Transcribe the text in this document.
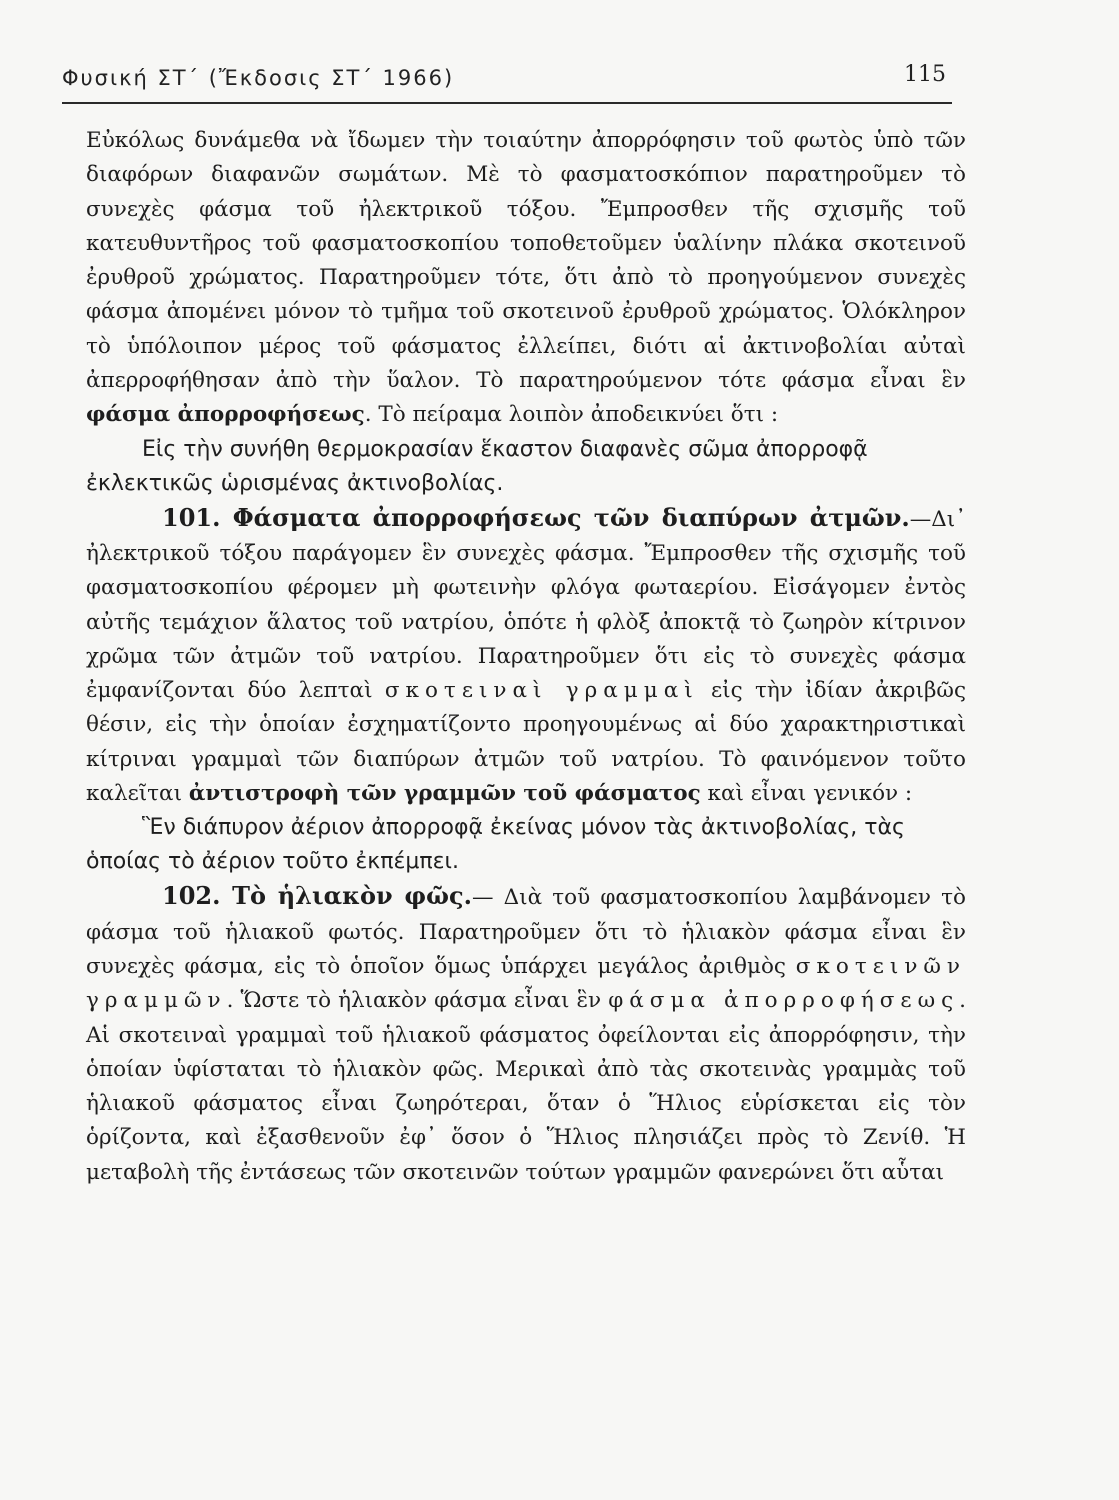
Φυσική ΣΤ΄ (Ἔκδοσις ΣΤ΄ 1966)	115

Εὐκόλως δυνάμεθα νὰ ἴδωμεν τὴν τοιαύτην ἀπορρόφησιν τοῦ φωτὸς ὑπὸ τῶν διαφόρων διαφανῶν σωμάτων. Μὲ τὸ φασματοσκόπιον παρατηροῦμεν τὸ συνεχὲς φάσμα τοῦ ἠλεκτρικοῦ τόξου. Ἔμπροσθεν τῆς σχισμῆς τοῦ κατευθυντῆρος τοῦ φασματοσκοπίου τοποθετοῦμεν ὑαλίνην πλάκα σκοτεινοῦ ἐρυθροῦ χρώματος. Παρατηροῦμεν τότε, ὅτι ἀπὸ τὸ προηγούμενον συνεχὲς φάσμα ἀπομένει μόνον τὸ τμῆμα τοῦ σκοτεινοῦ ἐρυθροῦ χρώματος. Ὁλόκληρον τὸ ὑπόλοιπον μέρος τοῦ φάσματος ἐλλείπει, διότι αἱ ἀκτινοβολίαι αὐταὶ ἀπερροφήθησαν ἀπὸ τὴν ὕαλον. Τὸ παρατηρούμενον τότε φάσμα εἶναι ἓν φάσμα ἀπορροφήσεως. Τὸ πείραμα λοιπὸν ἀποδεικνύει ὅτι :

Εἰς τὴν συνήθη θερμοκρασίαν ἕκαστον διαφανὲς σῶμα ἀπορροφᾷ ἐκλεκτικῶς ὡρισμένας ἀκτινοβολίας.

101. Φάσματα ἀπορροφήσεως τῶν διαπύρων ἀτμῶν.—Δι᾽ ἠλεκτρικοῦ τόξου παράγομεν ἓν συνεχὲς φάσμα. Ἔμπροσθεν τῆς σχισμῆς τοῦ φασματοσκοπίου φέρομεν μὴ φωτεινὴν φλόγα φωταερίου. Εἰσάγομεν ἐντὸς αὐτῆς τεμάχιον ἅλατος τοῦ νατρίου, ὁπότε ἡ φλὸξ ἀποκτᾷ τὸ ζωηρὸν κίτρινον χρῶμα τῶν ἀτμῶν τοῦ νατρίου. Παρατηροῦμεν ὅτι εἰς τὸ συνεχὲς φάσμα ἐμφανίζονται δύο λεπταὶ σκοτειναὶ γραμμαὶ εἰς τὴν ἰδίαν ἀκριβῶς θέσιν, εἰς τὴν ὁποίαν ἐσχηματίζοντο προηγουμένως αἱ δύο χαρακτηριστικαὶ κίτριναι γραμμαὶ τῶν διαπύρων ἀτμῶν τοῦ νατρίου. Τὸ φαινόμενον τοῦτο καλεῖται ἀντιστροφὴ τῶν γραμμῶν τοῦ φάσματος καὶ εἶναι γενικόν :

Ἓν διάπυρον ἀέριον ἀπορροφᾷ ἐκείνας μόνον τὰς ἀκτινοβολίας, τὰς ὁποίας τὸ ἀέριον τοῦτο ἐκπέμπει.

102. Τὸ ἡλιακὸν φῶς.— Διὰ τοῦ φασματοσκοπίου λαμβάνομεν τὸ φάσμα τοῦ ἡλιακοῦ φωτός. Παρατηροῦμεν ὅτι τὸ ἡλιακὸν φάσμα εἶναι ἓν συνεχὲς φάσμα, εἰς τὸ ὁποῖον ὅμως ὑπάρχει μεγάλος ἀριθμὸς σκοτεινῶν γραμμῶν. Ὥστε τὸ ἡλιακὸν φάσμα εἶναι ἓν φάσμα ἀπορροφήσεως. Αἱ σκοτειναὶ γραμμαὶ τοῦ ἡλιακοῦ φάσματος ὀφείλονται εἰς ἀπορρόφησιν, τὴν ὁποίαν ὑφίσταται τὸ ἡλιακὸν φῶς. Μερικαὶ ἀπὸ τὰς σκοτεινὰς γραμμὰς τοῦ ἡλιακοῦ φάσματος εἶναι ζωηρότεραι, ὅταν ὁ Ἥλιος εὑρίσκεται εἰς τὸν ὁρίζοντα, καὶ ἐξασθενοῦν ἐφ᾽ ὅσον ὁ Ἥλιος πλησιάζει πρὸς τὸ Ζενίθ. Ἡ μεταβολὴ τῆς ἐντάσεως τῶν σκοτεινῶν τούτων γραμμῶν φανερώνει ὅτι αὗται
